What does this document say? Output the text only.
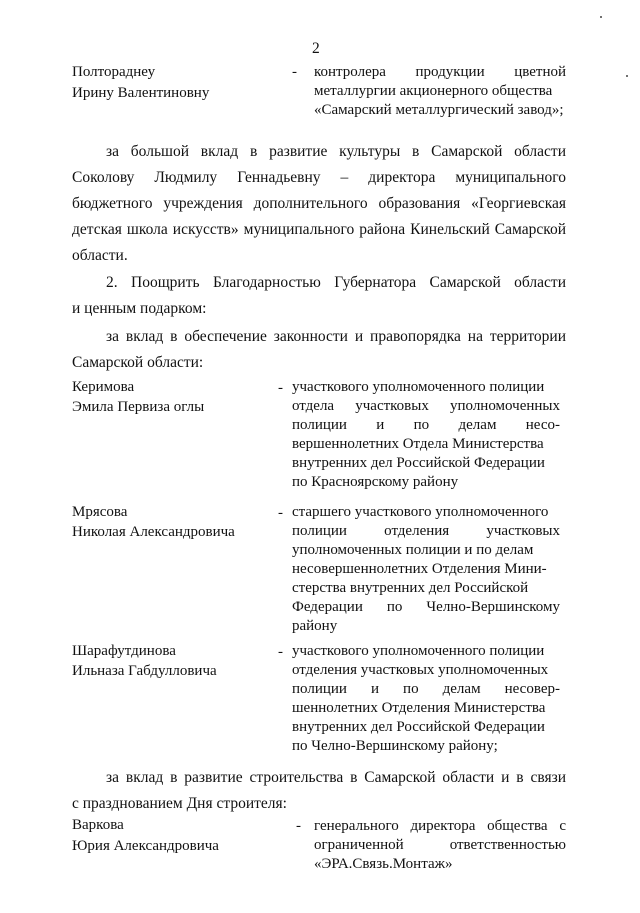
2
Полтораднеу
Ирину Валентиновну
- контролера продукции цветной
металлургии акционерного общества
«Самарский металлургический завод»;
за большой вклад в развитие культуры в Самарской области
Соколову Людмилу Геннадьевну – директора муниципального
бюджетного учреждения дополнительного образования «Георгиевская
детская школа искусств» муниципального района Кинельский Самарской
области.
2. Поощрить Благодарностью Губернатора Самарской области
и ценным подарком:
за вклад в обеспечение законности и правопорядка на территории
Самарской области:
Керимова
Эмила Первиза оглы
- участкового уполномоченного полиции
отдела участковых уполномоченных
полиции и по делам несо-
вершеннолетних Отдела Министерства
внутренних дел Российской Федерации
по Красноярскому району
Мрясова
Николая Александровича
- старшего участкового уполномоченного
полиции отделения участковых
уполномоченных полиции и по делам
несовершеннолетних Отделения Мини-
стерства внутренних дел Российской
Федерации по Челно-Вершинскому
району
Шарафутдинова
Ильназа Габдулловича
- участкового уполномоченного полиции
отделения участковых уполномоченных
полиции и по делам несовер-
шеннолетних Отделения Министерства
внутренних дел Российской Федерации
по Челно-Вершинскому району;
за вклад в развитие строительства в Самарской области и в связи
с празднованием Дня строителя:
Варкова
Юрия Александровича
- генерального директора общества с
ограниченной ответственностью
«ЭРА.Связь.Монтаж»
